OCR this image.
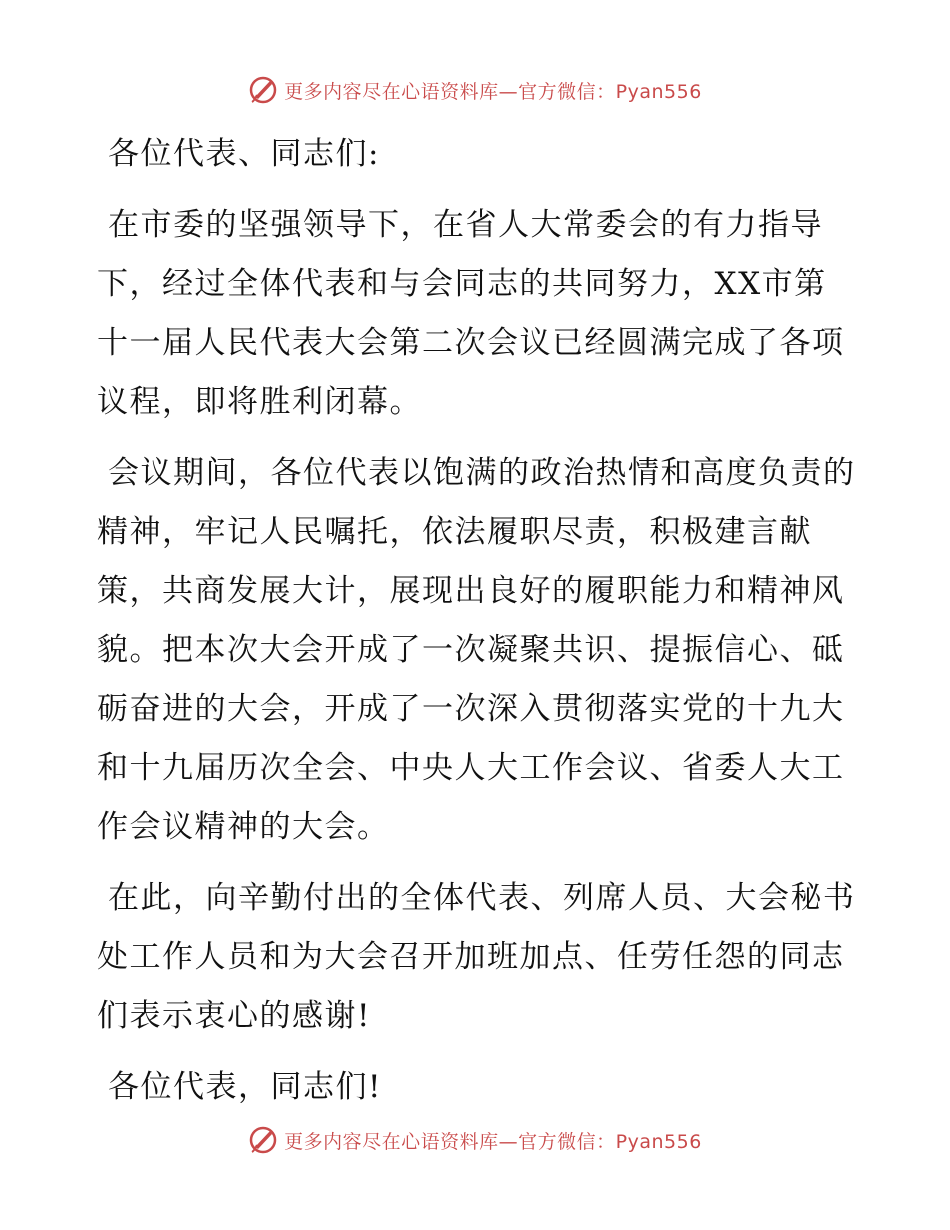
更多内容尽在心语资料库—官方微信：Pyan556

各位代表、同志们:

在市委的坚强领导下，在省人大常委会的有力指导下，经过全体代表和与会同志的共同努力，XX市第十一届人民代表大会第二次会议已经圆满完成了各项议程，即将胜利闭幕。

会议期间，各位代表以饱满的政治热情和高度负责的精神，牢记人民嘱托，依法履职尽责，积极建言献策，共商发展大计，展现出良好的履职能力和精神风貌。把本次大会开成了一次凝聚共识、提振信心、砥砺奋进的大会，开成了一次深入贯彻落实党的十九大和十九届历次全会、中央人大工作会议、省委人大工作会议精神的大会。

在此，向辛勤付出的全体代表、列席人员、大会秘书处工作人员和为大会召开加班加点、任劳任怨的同志们表示衷心的感谢!

各位代表，同志们!

更多内容尽在心语资料库—官方微信：Pyan556
